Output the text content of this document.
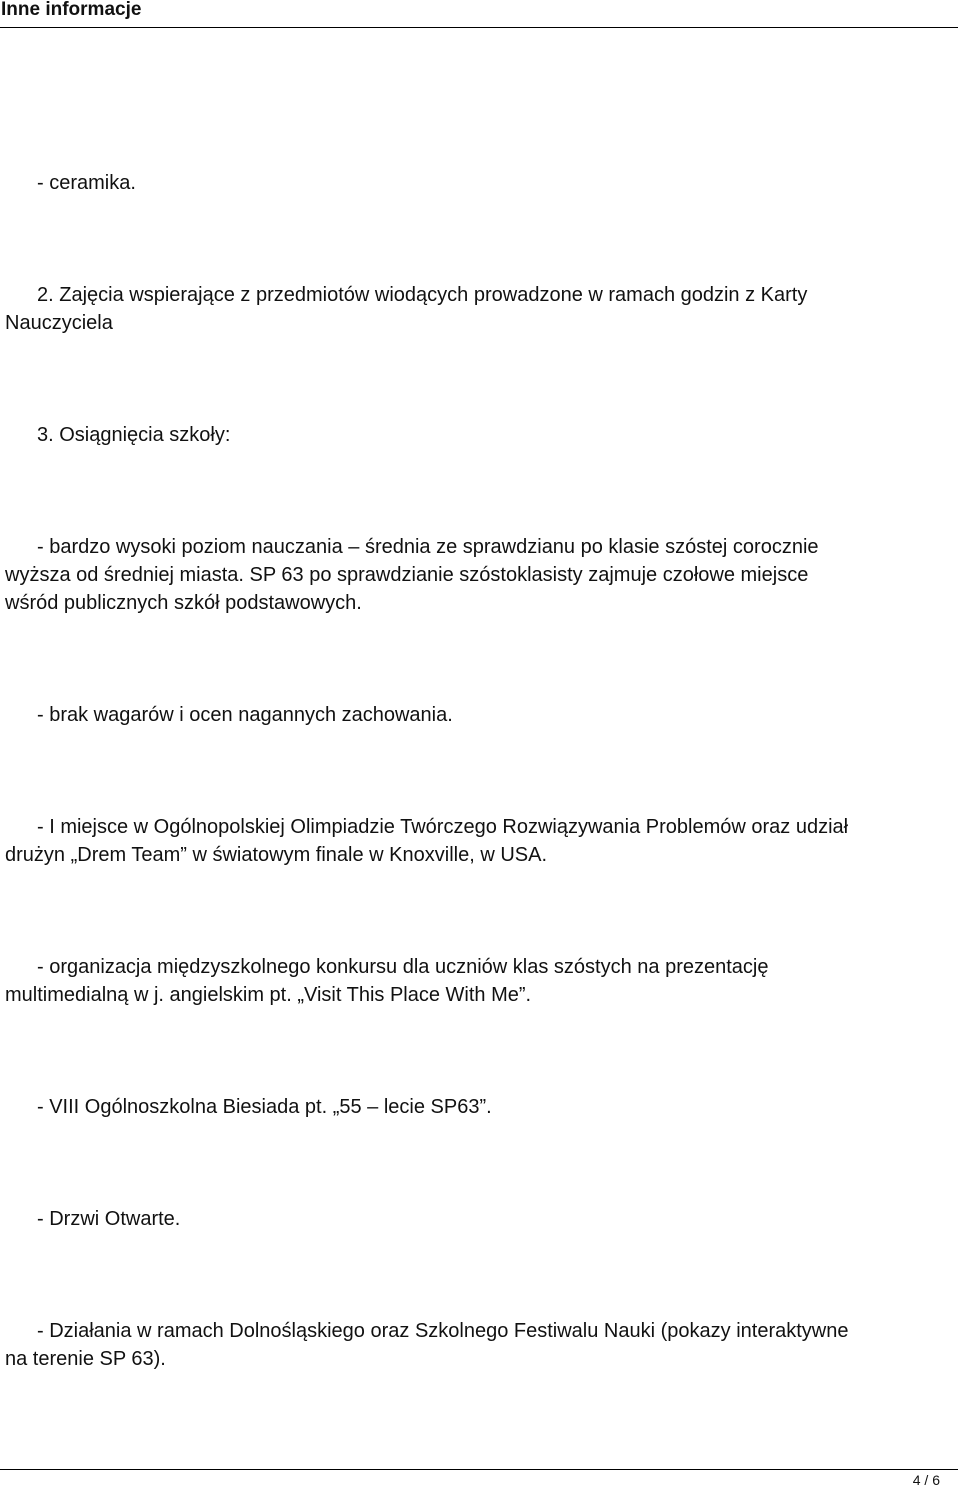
Inne informacje
- ceramika.
2. Zajęcia wspierające z przedmiotów wiodących prowadzone w ramach godzin z Karty
Nauczyciela
3. Osiągnięcia szkoły:
- bardzo wysoki poziom nauczania – średnia ze sprawdzianu po klasie szóstej corocznie
wyższa od średniej miasta. SP 63 po sprawdzianie szóstoklasisty zajmuje czołowe miejsce
wśród publicznych szkół podstawowych.
- brak wagarów i ocen nagannych zachowania.
- I miejsce w Ogólnopolskiej Olimpiadzie Twórczego Rozwiązywania Problemów oraz udział
drużyn „Drem Team” w światowym finale w Knoxville, w USA.
- organizacja międzyszkolnego konkursu dla uczniów klas szóstych na prezentację
multimedialną w j. angielskim pt. „Visit This Place With Me”.
- VIII Ogólnoszkolna Biesiada pt. „55 – lecie SP63”.
- Drzwi Otwarte.
- Działania w ramach Dolnośląskiego oraz Szkolnego Festiwalu Nauki (pokazy interaktywne
na terenie SP 63).
4 / 6
